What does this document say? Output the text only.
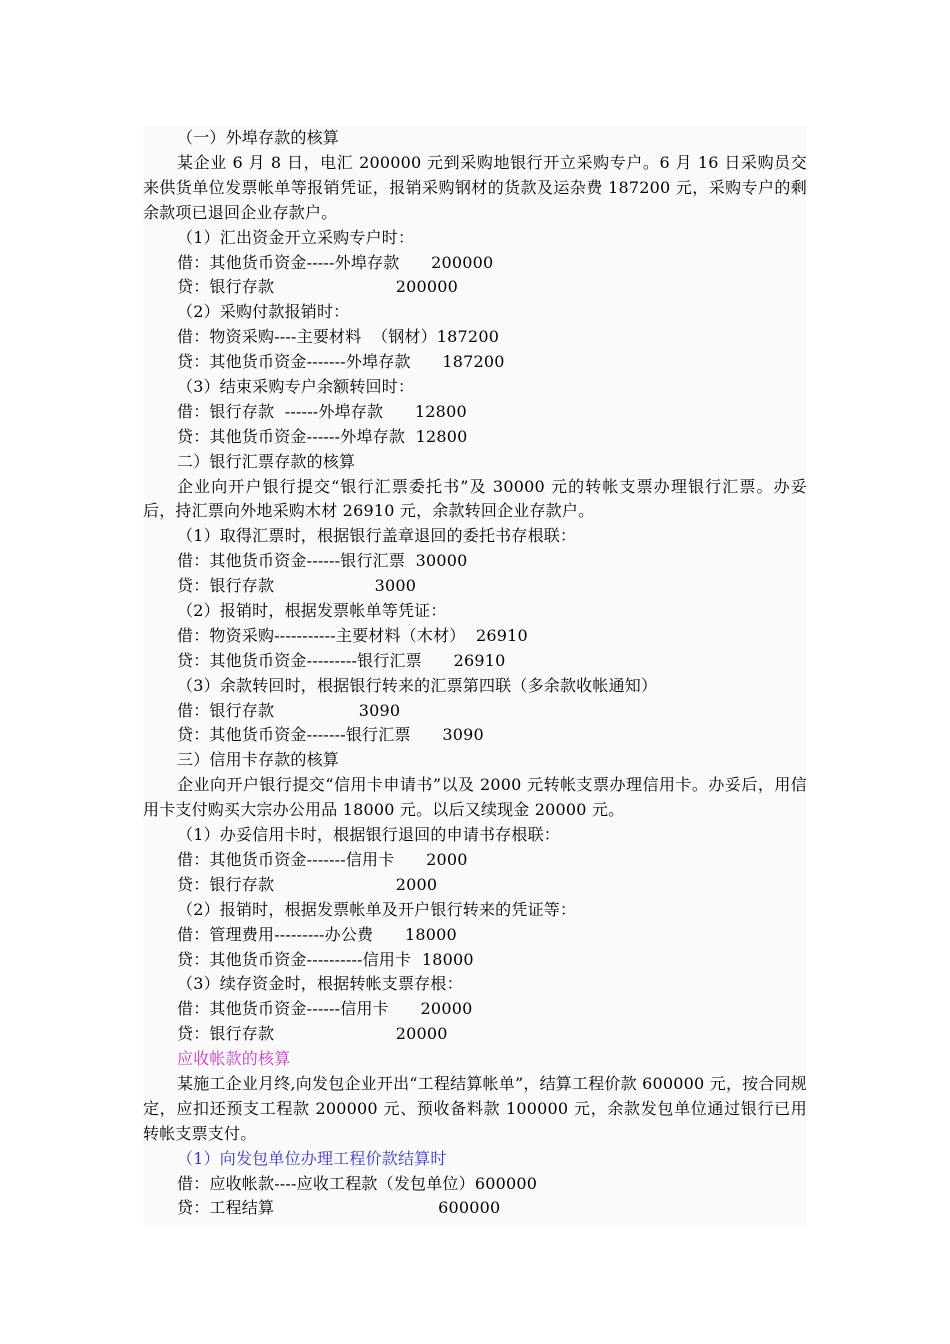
（一）外埠存款的核算
某企业 6 月 8 日，电汇 200000 元到采购地银行开立采购专户。6 月 16 日采购员交来供货单位发票帐单等报销凭证，报销采购钢材的货款及运杂费 187200 元，采购专户的剩余款项已退回企业存款户。
（1）汇出资金开立采购专户时：
借：其他货币资金-----外埠存款      200000
贷：银行存款                       200000
（2）采购付款报销时：
借：物资采购----主要材料  （钢材）187200
贷：其他货币资金-------外埠存款      187200
（3）结束采购专户余额转回时：
借：银行存款  ------外埠存款      12800
贷：其他货币资金------外埠存款  12800
二）银行汇票存款的核算
企业向开户银行提交“银行汇票委托书”及 30000 元的转帐支票办理银行汇票。办妥后，持汇票向外地采购木材 26910 元，余款转回企业存款户。
（1）取得汇票时，根据银行盖章退回的委托书存根联：
借：其他货币资金------银行汇票  30000
贷：银行存款                   3000
（2）报销时，根据发票帐单等凭证：
借：物资采购-----------主要材料（木材）  26910
贷：其他货币资金---------银行汇票      26910
（3）余款转回时，根据银行转来的汇票第四联（多余款收帐通知）
借：银行存款                3090
贷：其他货币资金-------银行汇票      3090
三）信用卡存款的核算
企业向开户银行提交“信用卡申请书”以及 2000 元转帐支票办理信用卡。办妥后，用信用卡支付购买大宗办公用品 18000 元。以后又续现金 20000 元。
（1）办妥信用卡时，根据银行退回的申请书存根联：
借：其他货币资金-------信用卡      2000
贷：银行存款                       2000
（2）报销时，根据发票帐单及开户银行转来的凭证等：
借：管理费用---------办公费      18000
贷：其他货币资金----------信用卡  18000
（3）续存资金时，根据转帐支票存根：
借：其他货币资金------信用卡      20000
贷：银行存款                       20000
应收帐款的核算
某施工企业月终,向发包企业开出“工程结算帐单”，结算工程价款 600000 元，按合同规定，应扣还预支工程款 200000 元、预收备料款 100000 元，余款发包单位通过银行已用转帐支票支付。
（1）向发包单位办理工程价款结算时
借：应收帐款----应收工程款（发包单位）600000
贷：工程结算                               600000
